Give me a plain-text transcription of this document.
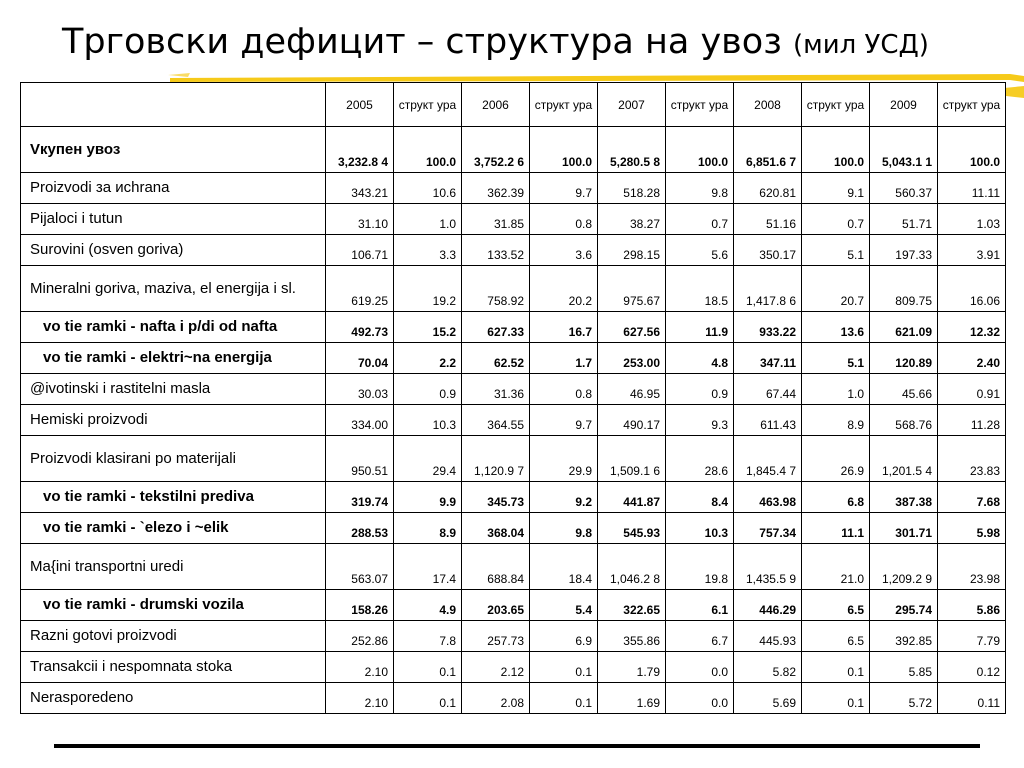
Трговски дефицит – структура на увоз (мил УСД)
	2005	структ ура	2006	структ ура	2007	структ ура	2008	структ ура	2009	структ ура
Vкупен увоз	3,232.8 4	100.0	3,752.2 6	100.0	5,280.5 8	100.0	6,851.6 7	100.0	5,043.1 1	100.0
Proizvodi за иchrana	343.21	10.6	362.39	9.7	518.28	9.8	620.81	9.1	560.37	11.11
Pijaloci i tutun	31.10	1.0	31.85	0.8	38.27	0.7	51.16	0.7	51.71	1.03
Surovini (osven goriva)	106.71	3.3	133.52	3.6	298.15	5.6	350.17	5.1	197.33	3.91
Mineralni goriva, maziva, el energija i sl.	619.25	19.2	758.92	20.2	975.67	18.5	1,417.8 6	20.7	809.75	16.06
vo tie ramki - nafta i p/di od nafta	492.73	15.2	627.33	16.7	627.56	11.9	933.22	13.6	621.09	12.32
vo tie ramki - elektri~na energija	70.04	2.2	62.52	1.7	253.00	4.8	347.11	5.1	120.89	2.40
@ivotinski i rastitelni masla	30.03	0.9	31.36	0.8	46.95	0.9	67.44	1.0	45.66	0.91
Hemiski proizvodi	334.00	10.3	364.55	9.7	490.17	9.3	611.43	8.9	568.76	11.28
Proizvodi klasirani po materijali	950.51	29.4	1,120.9 7	29.9	1,509.1 6	28.6	1,845.4 7	26.9	1,201.5 4	23.83
vo tie ramki - tekstilni prediva	319.74	9.9	345.73	9.2	441.87	8.4	463.98	6.8	387.38	7.68
vo tie ramki - `elezo i ~elik	288.53	8.9	368.04	9.8	545.93	10.3	757.34	11.1	301.71	5.98
Ma{ini transportni uredi	563.07	17.4	688.84	18.4	1,046.2 8	19.8	1,435.5 9	21.0	1,209.2 9	23.98
vo tie ramki - drumski vozila	158.26	4.9	203.65	5.4	322.65	6.1	446.29	6.5	295.74	5.86
Razni gotovi proizvodi	252.86	7.8	257.73	6.9	355.86	6.7	445.93	6.5	392.85	7.79
Transakcii i nespomnata stoka	2.10	0.1	2.12	0.1	1.79	0.0	5.82	0.1	5.85	0.12
Nerasporedeno	2.10	0.1	2.08	0.1	1.69	0.0	5.69	0.1	5.72	0.11
